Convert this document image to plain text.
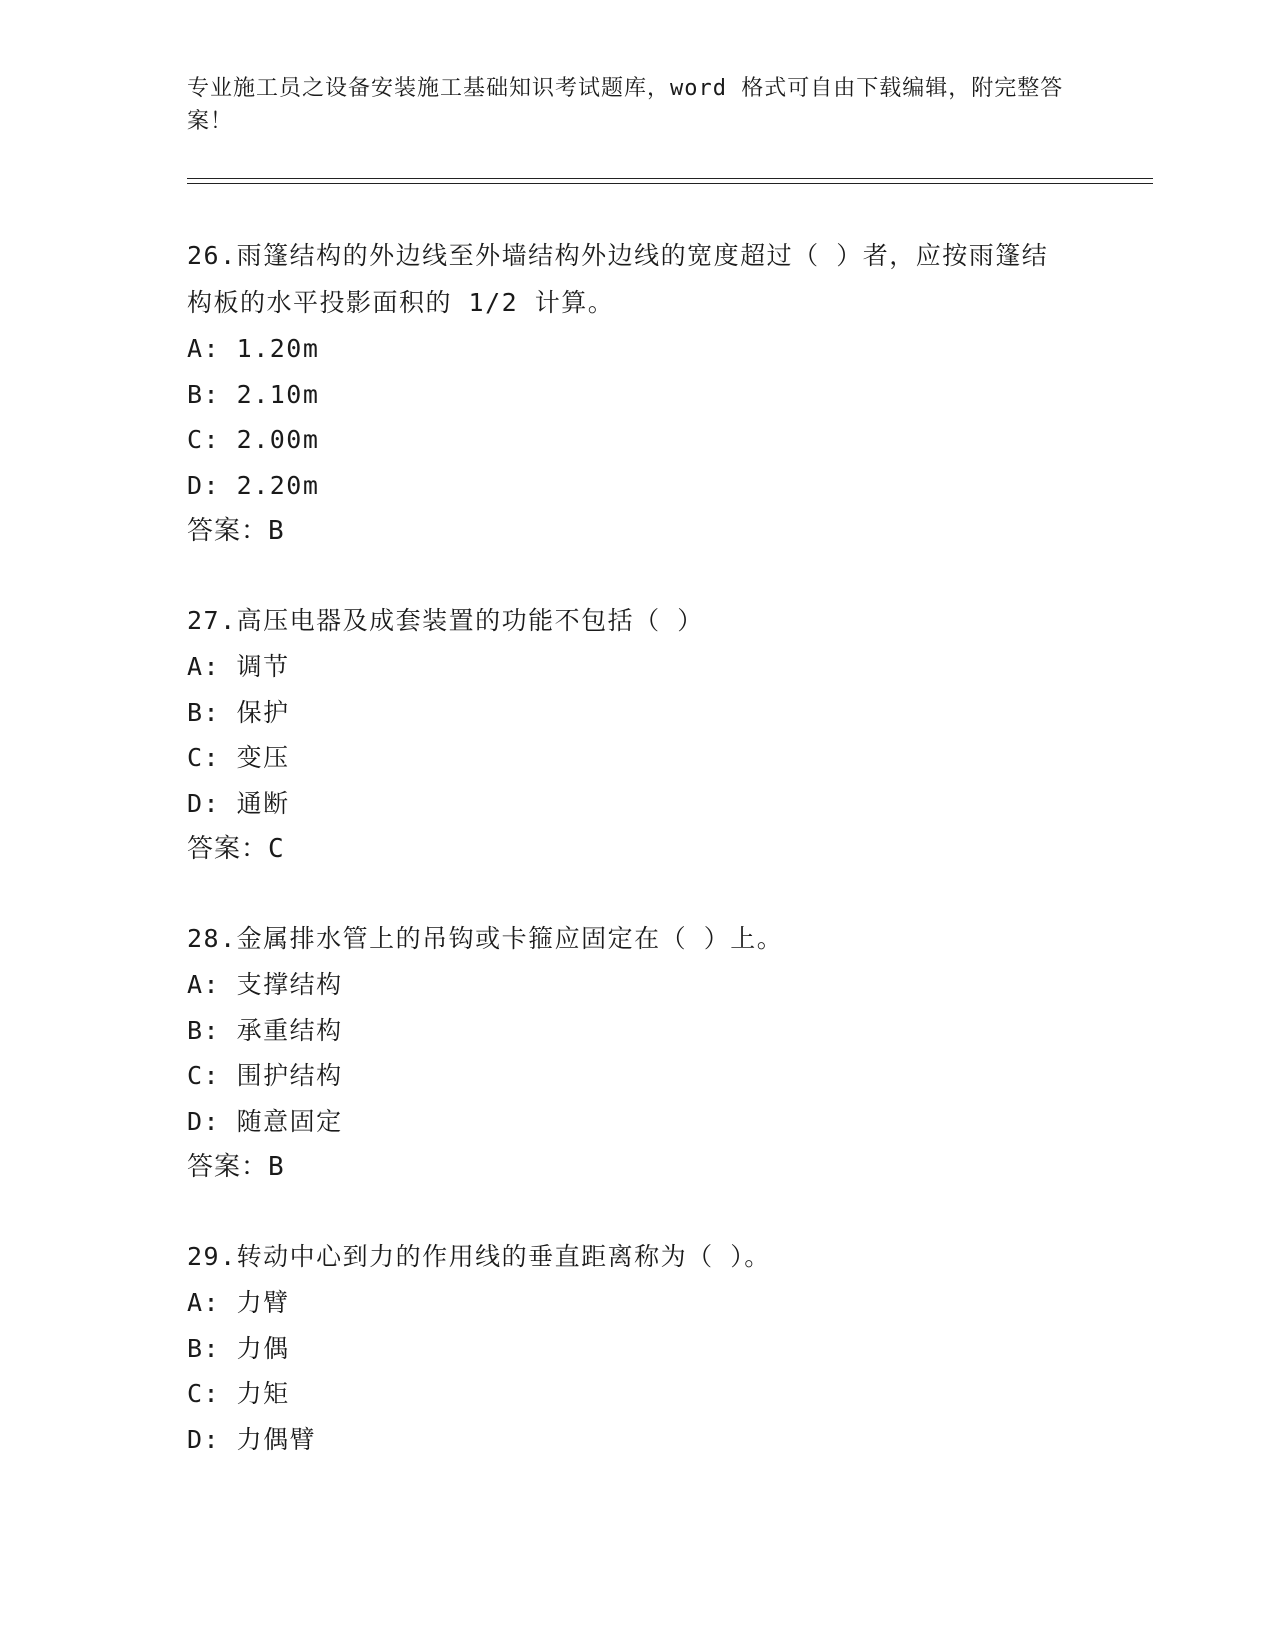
专业施工员之设备安装施工基础知识考试题库，word 格式可自由下载编辑，附完整答案！

26.雨篷结构的外边线至外墙结构外边线的宽度超过（ ）者，应按雨篷结构板的水平投影面积的 1/2 计算。

A: 1.20m

B: 2.10m

C: 2.00m

D: 2.20m

答案：B

27.高压电器及成套装置的功能不包括（ ）

A: 调节

B: 保护

C: 变压

D: 通断

答案：C

28.金属排水管上的吊钩或卡箍应固定在（ ）上。

A: 支撑结构

B: 承重结构

C: 围护结构

D: 随意固定

答案：B

29.转动中心到力的作用线的垂直距离称为（ ）。

A: 力臂

B: 力偶

C: 力矩

D: 力偶臂
